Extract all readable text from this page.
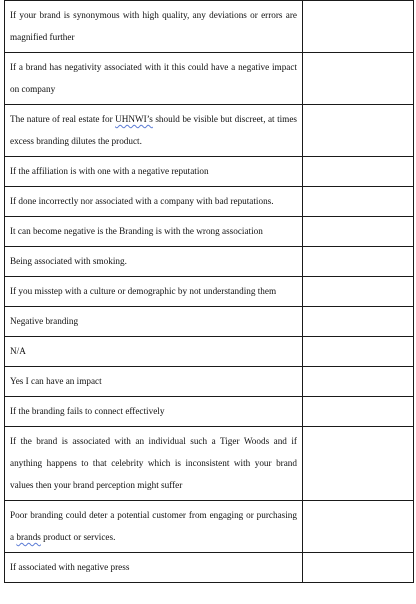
If your brand is synonymous with high quality, any deviations or errors are magnified further	
If a brand has negativity associated with it this could have a negative impact on company	
The nature of real estate for UHNWI’s should be visible but discreet, at times excess branding dilutes the product.	
If the affiliation is with one with a negative reputation	
If done incorrectly nor associated with a company with bad reputations.	
It can become negative is the Branding is with the wrong association	
Being associated with smoking.	
If you misstep with a culture or demographic by not understanding them	
Negative branding	
N/A	
Yes I can have an impact	
If the branding fails to connect effectively	
If the brand is associated with an individual such a Tiger Woods and if anything happens to that celebrity which is inconsistent with your brand values then your brand perception might suffer	
Poor branding could deter a potential customer from engaging or purchasing a brands product or services.	
If associated with negative press	
